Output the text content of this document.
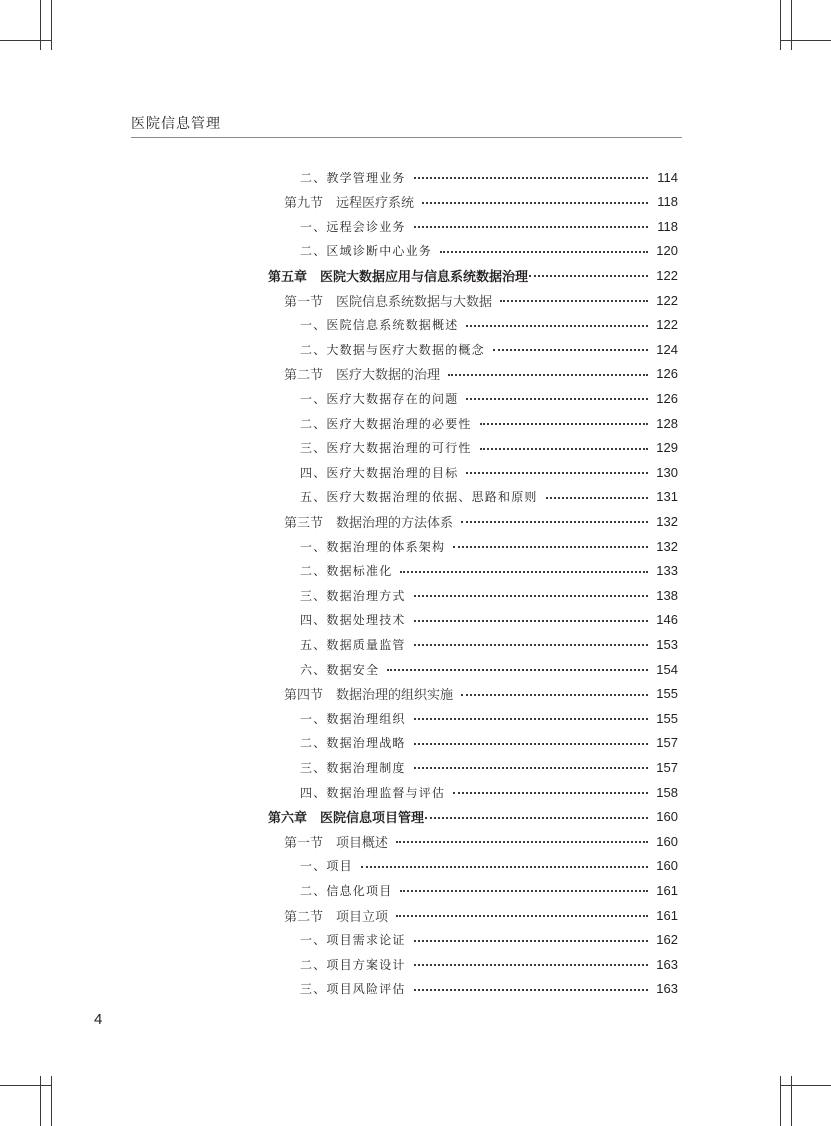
医院信息管理
二、教学管理业务	114
第九节　远程医疗系统	118
一、远程会诊业务	118
二、区域诊断中心业务	120
第五章　医院大数据应用与信息系统数据治理	122
第一节　医院信息系统数据与大数据	122
一、医院信息系统数据概述	122
二、大数据与医疗大数据的概念	124
第二节　医疗大数据的治理	126
一、医疗大数据存在的问题	126
二、医疗大数据治理的必要性	128
三、医疗大数据治理的可行性	129
四、医疗大数据治理的目标	130
五、医疗大数据治理的依据、思路和原则	131
第三节　数据治理的方法体系	132
一、数据治理的体系架构	132
二、数据标准化	133
三、数据治理方式	138
四、数据处理技术	146
五、数据质量监管	153
六、数据安全	154
第四节　数据治理的组织实施	155
一、数据治理组织	155
二、数据治理战略	157
三、数据治理制度	157
四、数据治理监督与评估	158
第六章　医院信息项目管理	160
第一节　项目概述	160
一、项目	160
二、信息化项目	161
第二节　项目立项	161
一、项目需求论证	162
二、项目方案设计	163
三、项目风险评估	163
4
